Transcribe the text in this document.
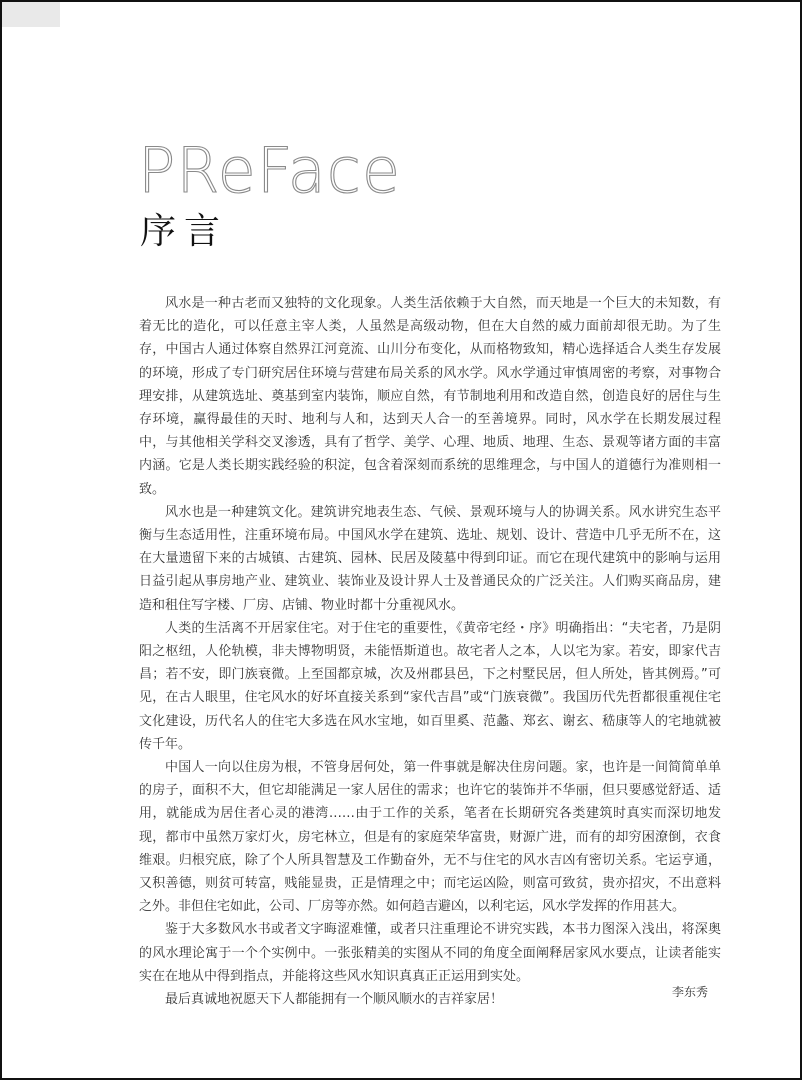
PReFace
序言

风水是一种古老而又独特的文化现象。人类生活依赖于大自然，而天地是一个巨大的未知数，有着无比的造化，可以任意主宰人类，人虽然是高级动物，但在大自然的威力面前却很无助。为了生存，中国古人通过体察自然界江河竟流、山川分布变化，从而格物致知，精心选择适合人类生存发展的环境，形成了专门研究居住环境与营建布局关系的风水学。风水学通过审慎周密的考察，对事物合理安排，从建筑选址、奠基到室内装饰，顺应自然，有节制地利用和改造自然，创造良好的居住与生存环境，赢得最佳的天时、地利与人和，达到天人合一的至善境界。同时，风水学在长期发展过程中，与其他相关学科交叉渗透，具有了哲学、美学、心理、地质、地理、生态、景观等诸方面的丰富内涵。它是人类长期实践经验的积淀，包含着深刻而系统的思维理念，与中国人的道德行为准则相一致。

风水也是一种建筑文化。建筑讲究地表生态、气候、景观环境与人的协调关系。风水讲究生态平衡与生态适用性，注重环境布局。中国风水学在建筑、选址、规划、设计、营造中几乎无所不在，这在大量遗留下来的古城镇、古建筑、园林、民居及陵墓中得到印证。而它在现代建筑中的影响与运用日益引起从事房地产业、建筑业、装饰业及设计界人士及普通民众的广泛关注。人们购买商品房，建造和租住写字楼、厂房、店铺、物业时都十分重视风水。

人类的生活离不开居家住宅。对于住宅的重要性，《黄帝宅经・序》明确指出：“夫宅者，乃是阴阳之枢纽，人伦轨模，非夫博物明贤，未能悟斯道也。故宅者人之本，人以宅为家。若安，即家代吉昌；若不安，即门族衰微。上至国都京城，次及州郡县邑，下之村墅民居，但人所处，皆其例焉。”可见，在古人眼里，住宅风水的好坏直接关系到“家代吉昌”或“门族衰微”。我国历代先哲都很重视住宅文化建设，历代名人的住宅大多选在风水宝地，如百里奚、范蠡、郑玄、谢玄、嵇康等人的宅地就被传千年。

中国人一向以住房为根，不管身居何处，第一件事就是解决住房问题。家，也许是一间简简单单的房子，面积不大，但它却能满足一家人居住的需求；也许它的装饰并不华丽，但只要感觉舒适、适用，就能成为居住者心灵的港湾……由于工作的关系，笔者在长期研究各类建筑时真实而深切地发现，都市中虽然万家灯火，房宅林立，但是有的家庭荣华富贵，财源广进，而有的却穷困潦倒，衣食维艰。归根究底，除了个人所具智慧及工作勤奋外，无不与住宅的风水吉凶有密切关系。宅运亨通，又积善德，则贫可转富，贱能显贵，正是情理之中；而宅运凶险，则富可致贫，贵亦招灾，不出意料之外。非但住宅如此，公司、厂房等亦然。如何趋吉避凶，以利宅运，风水学发挥的作用甚大。

鉴于大多数风水书或者文字晦涩难懂，或者只注重理论不讲究实践，本书力图深入浅出，将深奥的风水理论寓于一个个实例中。一张张精美的实图从不同的角度全面阐释居家风水要点，让读者能实实在在地从中得到指点，并能将这些风水知识真真正正运用到实处。

最后真诚地祝愿天下人都能拥有一个顺风顺水的吉祥家居！

李东秀
